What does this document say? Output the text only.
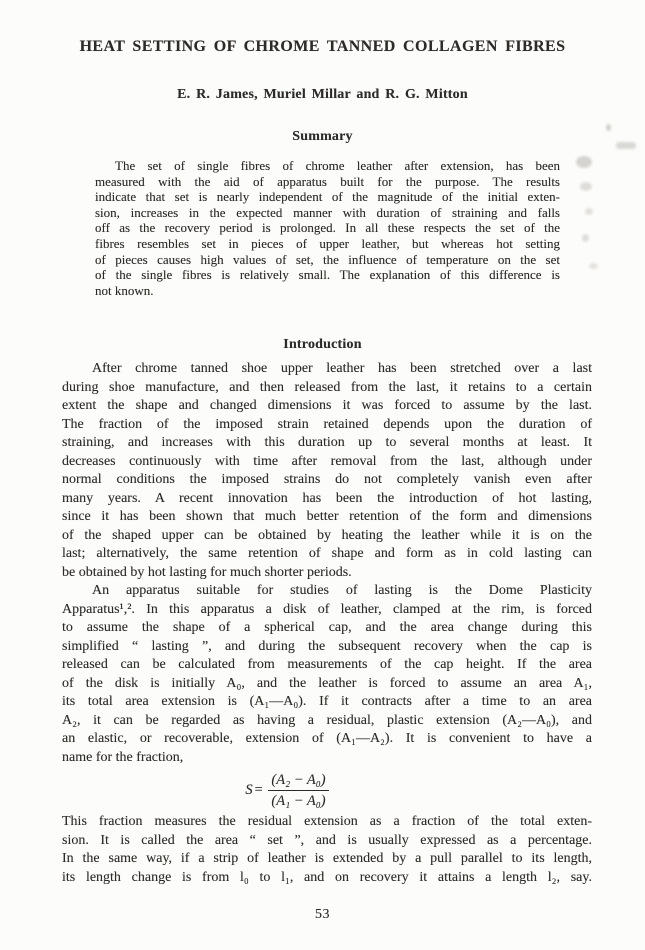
HEAT SETTING OF CHROME TANNED COLLAGEN FIBRES
E. R. James, Muriel Millar and R. G. Mitton
Summary
The set of single fibres of chrome leather after extension, has been
measured with the aid of apparatus built for the purpose. The results
indicate that set is nearly independent of the magnitude of the initial exten-
sion, increases in the expected manner with duration of straining and falls
off as the recovery period is prolonged. In all these respects the set of the
fibres resembles set in pieces of upper leather, but whereas hot setting
of pieces causes high values of set, the influence of temperature on the set
of the single fibres is relatively small. The explanation of this difference is
not known.
Introduction
After chrome tanned shoe upper leather has been stretched over a last
during shoe manufacture, and then released from the last, it retains to a certain
extent the shape and changed dimensions it was forced to assume by the last.
The fraction of the imposed strain retained depends upon the duration of
straining, and increases with this duration up to several months at least. It
decreases continuously with time after removal from the last, although under
normal conditions the imposed strains do not completely vanish even after
many years. A recent innovation has been the introduction of hot lasting,
since it has been shown that much better retention of the form and dimensions
of the shaped upper can be obtained by heating the leather while it is on the
last; alternatively, the same retention of shape and form as in cold lasting can
be obtained by hot lasting for much shorter periods.
An apparatus suitable for studies of lasting is the Dome Plasticity
Apparatus¹,². In this apparatus a disk of leather, clamped at the rim, is forced
to assume the shape of a spherical cap, and the area change during this
simplified “ lasting ”, and during the subsequent recovery when the cap is
released can be calculated from measurements of the cap height. If the area
of the disk is initially A₀, and the leather is forced to assume an area A₁,
its total area extension is (A₁—A₀). If it contracts after a time to an area
A₂, it can be regarded as having a residual, plastic extension (A₂—A₀), and
an elastic, or recoverable, extension of (A₁—A₂). It is convenient to have a
name for the fraction,
$S= \frac{\text{(A₂ − A₀)}}{\text{(A₁ − A₀)}}$
This fraction measures the residual extension as a fraction of the total exten-
sion. It is called the area “ set ”, and is usually expressed as a percentage.
In the same way, if a strip of leather is extended by a pull parallel to its length,
its length change is from l₀ to l₁, and on recovery it attains a length l₂, say.
53
